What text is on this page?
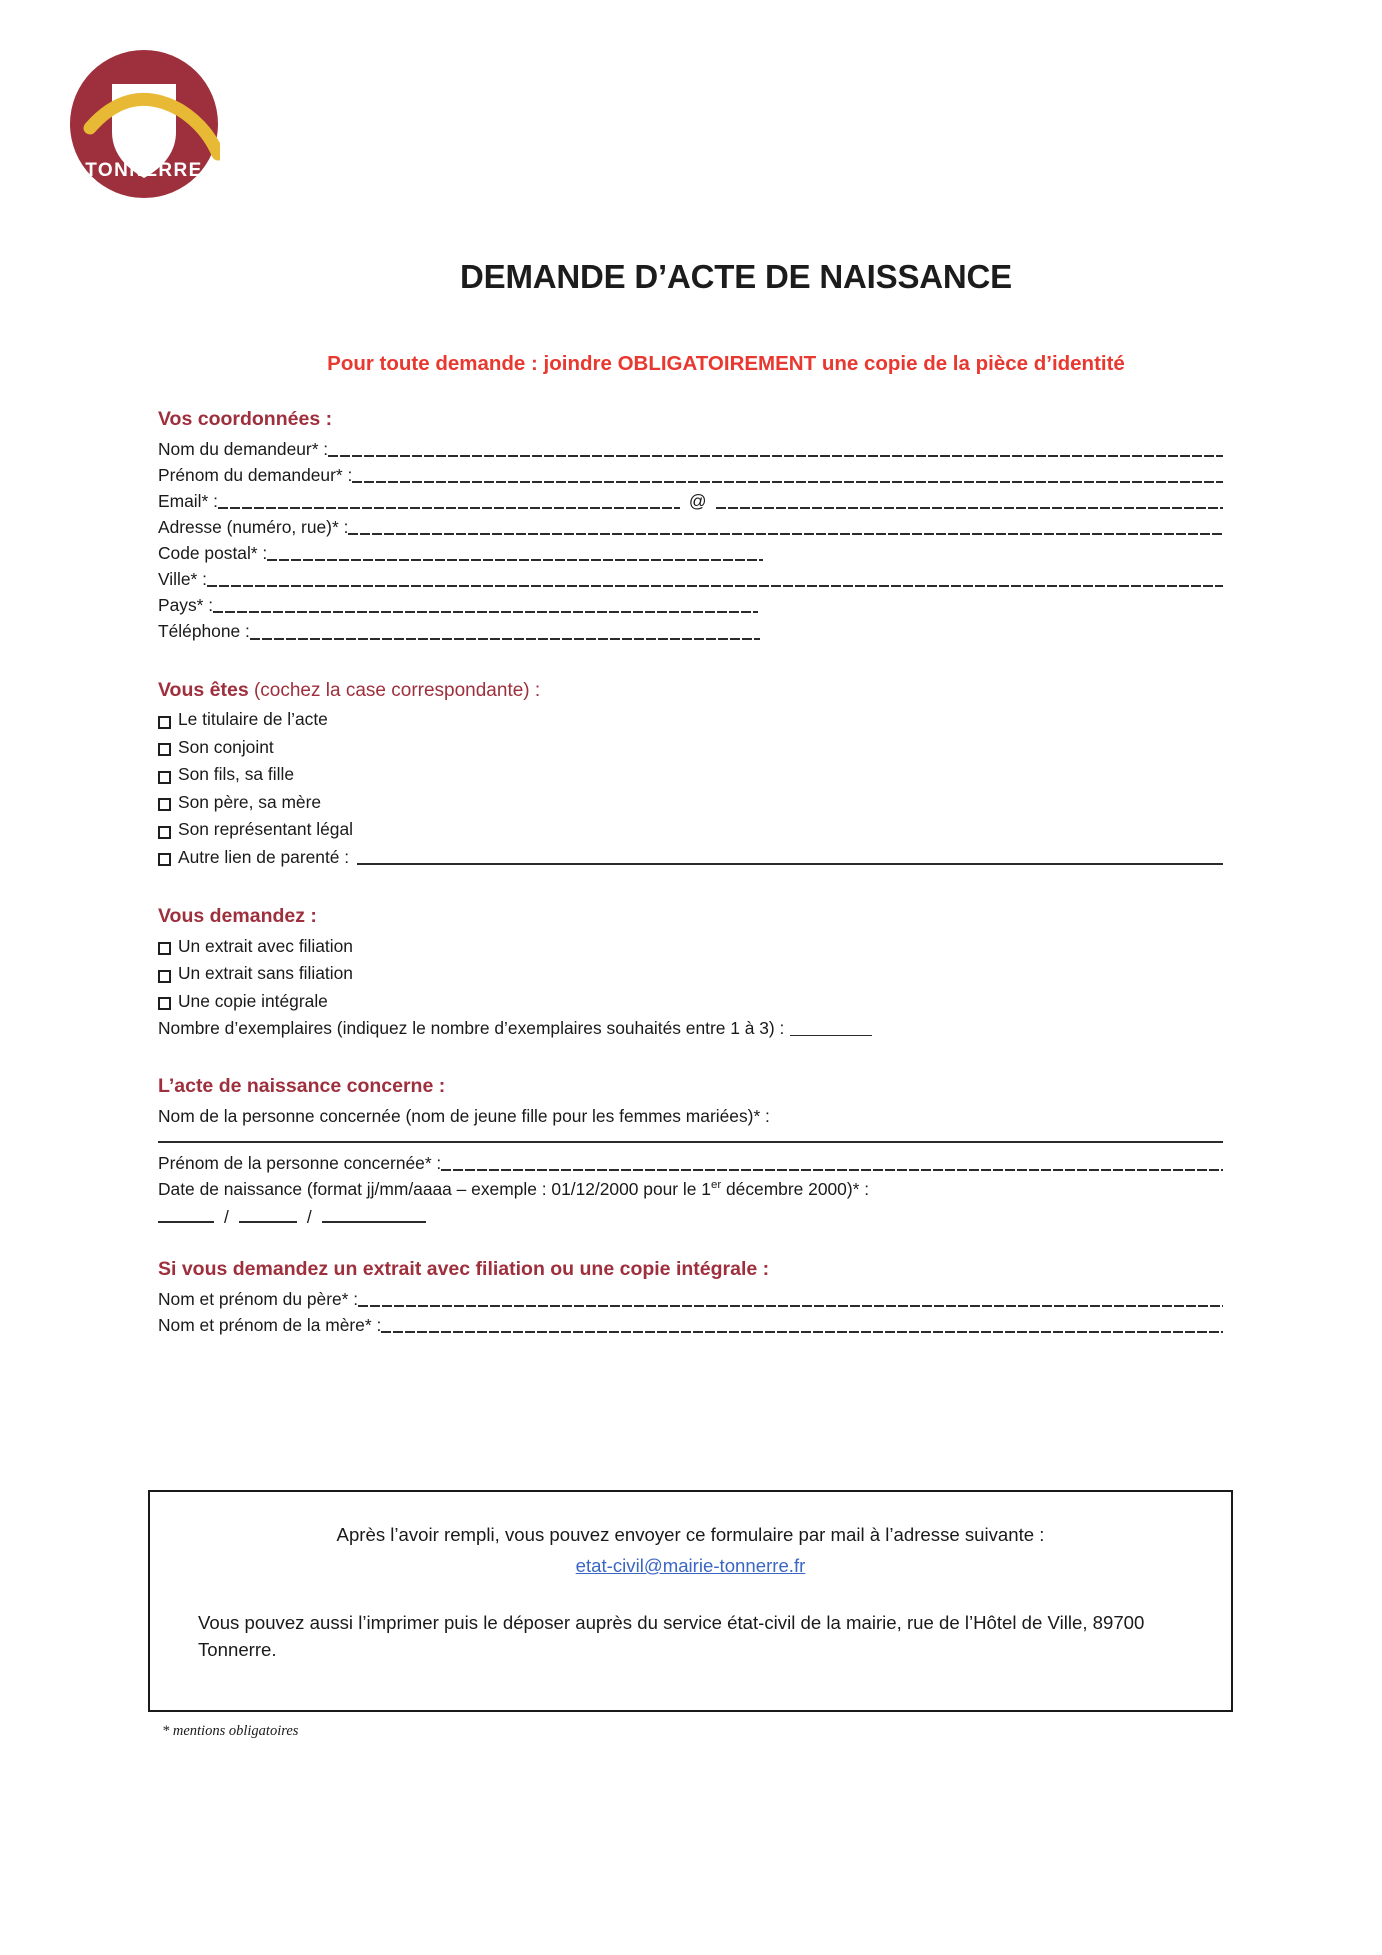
TONNERRE
DEMANDE D’ACTE DE NAISSANCE
Pour toute demande : joindre OBLIGATOIREMENT une copie de la pièce d’identité
Vos coordonnées :
Nom du demandeur* :
Prénom du demandeur* :
Email* :	@
Adresse (numéro, rue)* :
Code postal* :
Ville* :
Pays* :
Téléphone :
Vous êtes (cochez la case correspondante) :
Le titulaire de l’acte
Son conjoint
Son fils, sa fille
Son père, sa mère
Son représentant légal
Autre lien de parenté :
Vous demandez :
Un extrait avec filiation
Un extrait sans filiation
Une copie intégrale
Nombre d’exemplaires (indiquez le nombre d’exemplaires souhaités entre 1 à 3) :
L’acte de naissance concerne :
Nom de la personne concernée (nom de jeune fille pour les femmes mariées)* :
Prénom de la personne concernée* :
Date de naissance (format jj/mm/aaaa – exemple : 01/12/2000 pour le 1er décembre 2000)* :
/	/
Si vous demandez un extrait avec filiation ou une copie intégrale :
Nom et prénom du père* :
Nom et prénom de la mère* :
Après l’avoir rempli, vous pouvez envoyer ce formulaire par mail à l’adresse suivante :
etat-civil@mairie-tonnerre.fr
Vous pouvez aussi l’imprimer puis le déposer auprès du service état-civil de la mairie, rue de l’Hôtel de Ville, 89700 Tonnerre.
* mentions obligatoires
